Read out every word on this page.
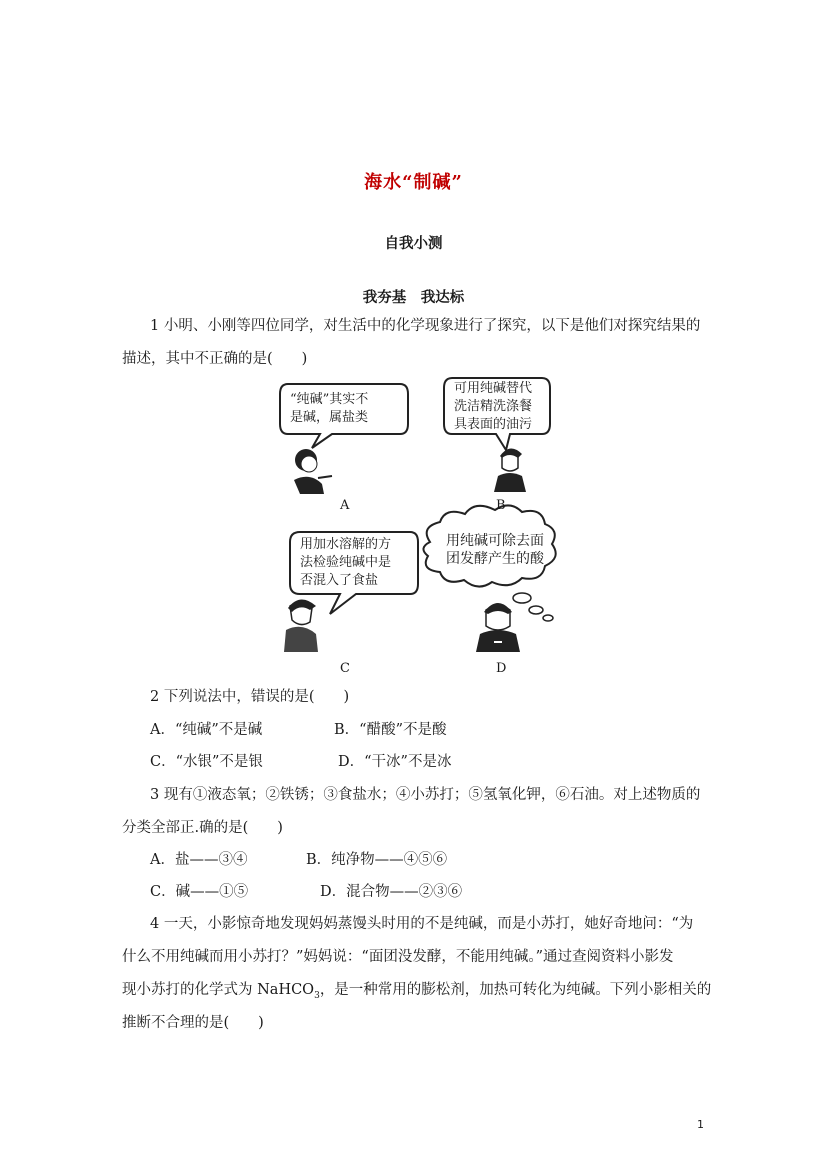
海水“制碱”
自我小测
我夯基　我达标
1 小明、小刚等四位同学，对生活中的化学现象进行了探究，以下是他们对探究结果的
描述，其中不正确的是(　　)
“纯碱”其实不
是碱，属盐类
可用纯碱替代
洗洁精洗涤餐
具表面的油污
用加水溶解的方
法检验纯碱中是
否混入了食盐
用纯碱可除去面
团发酵产生的酸
A	B
C	D
2 下列说法中，错误的是(　　)
A．“纯碱”不是碱	B．“醋酸”不是酸
C．“水银”不是银	D．“干冰”不是冰
3 现有①液态氧；②铁锈；③食盐水；④小苏打；⑤氢氧化钾，⑥石油。对上述物质的
分类全部正.确的是(　　)
A．盐——③④	B．纯净物——④⑤⑥
C．碱——①⑤	D．混合物——②③⑥
4 一天，小影惊奇地发现妈妈蒸馒头时用的不是纯碱，而是小苏打，她好奇地问：“为
什么不用纯碱而用小苏打？”妈妈说：“面团没发酵，不能用纯碱。”通过查阅资料小影发
现小苏打的化学式为 NaHCO$_3$，是一种常用的膨松剂，加热可转化为纯碱。下列小影相关的
推断不合理的是(　　)
1
